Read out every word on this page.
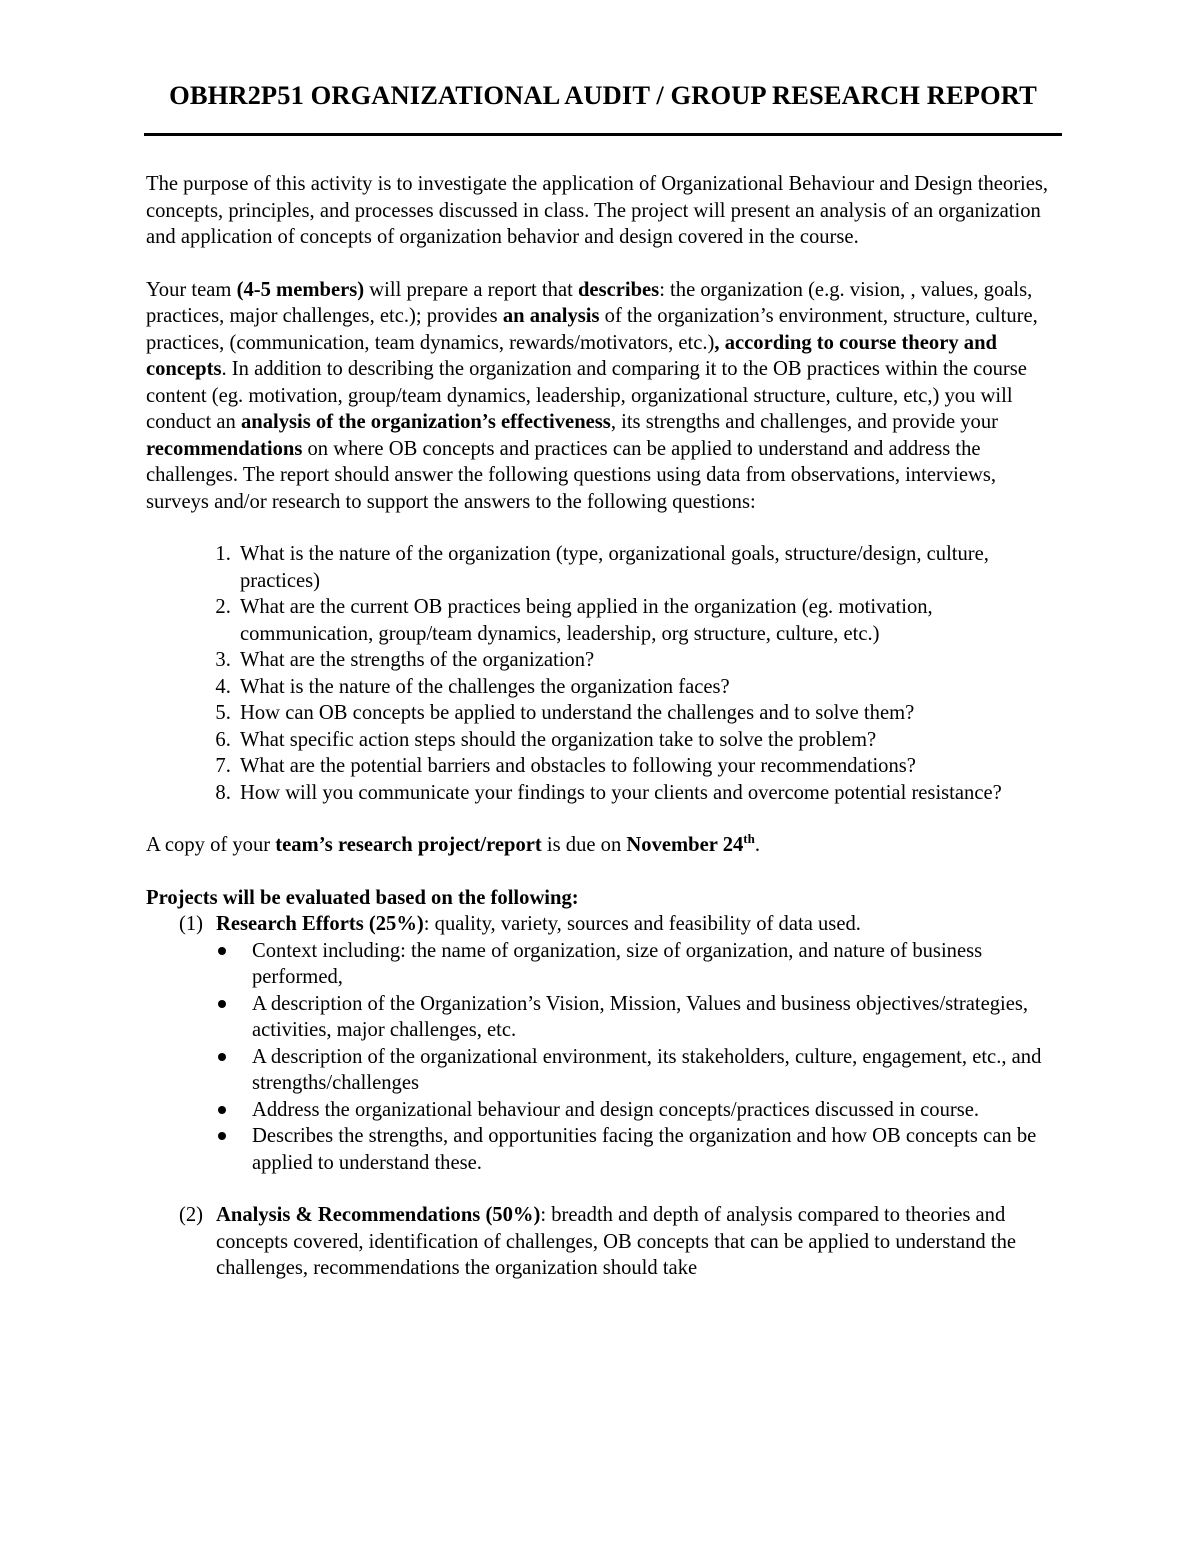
OBHR2P51 ORGANIZATIONAL AUDIT / GROUP RESEARCH REPORT

The purpose of this activity is to investigate the application of Organizational Behaviour and Design theories, concepts, principles, and processes discussed in class. The project will present an analysis of an organization and application of concepts of organization behavior and design covered in the course.

Your team (4-5 members) will prepare a report that describes: the organization (e.g. vision, , values, goals, practices, major challenges, etc.); provides an analysis of the organization’s environment, structure, culture, practices, (communication, team dynamics, rewards/motivators, etc.), according to course theory and concepts. In addition to describing the organization and comparing it to the OB practices within the course content (eg. motivation, group/team dynamics, leadership, organizational structure, culture, etc,) you will conduct an analysis of the organization’s effectiveness, its strengths and challenges, and provide your recommendations on where OB concepts and practices can be applied to understand and address the challenges. The report should answer the following questions using data from observations, interviews, surveys and/or research to support the answers to the following questions:

1. What is the nature of the organization (type, organizational goals, structure/design, culture, practices)
2. What are the current OB practices being applied in the organization (eg. motivation, communication, group/team dynamics, leadership, org structure, culture, etc.)
3. What are the strengths of the organization?
4. What is the nature of the challenges the organization faces?
5. How can OB concepts be applied to understand the challenges and to solve them?
6. What specific action steps should the organization take to solve the problem?
7. What are the potential barriers and obstacles to following your recommendations?
8. How will you communicate your findings to your clients and overcome potential resistance?

A copy of your team’s research project/report is due on November 24th.

Projects will be evaluated based on the following:

(1) Research Efforts (25%): quality, variety, sources and feasibility of data used.

Context including: the name of organization, size of organization, and nature of business performed,
A description of the Organization’s Vision, Mission, Values and business objectives/strategies, activities, major challenges, etc.
A description of the organizational environment, its stakeholders, culture, engagement, etc., and strengths/challenges
Address the organizational behaviour and design concepts/practices discussed in course.
Describes the strengths, and opportunities facing the organization and how OB concepts can be applied to understand these.

(2) Analysis & Recommendations (50%): breadth and depth of analysis compared to theories and concepts covered, identification of challenges, OB concepts that can be applied to understand the challenges, recommendations the organization should take
